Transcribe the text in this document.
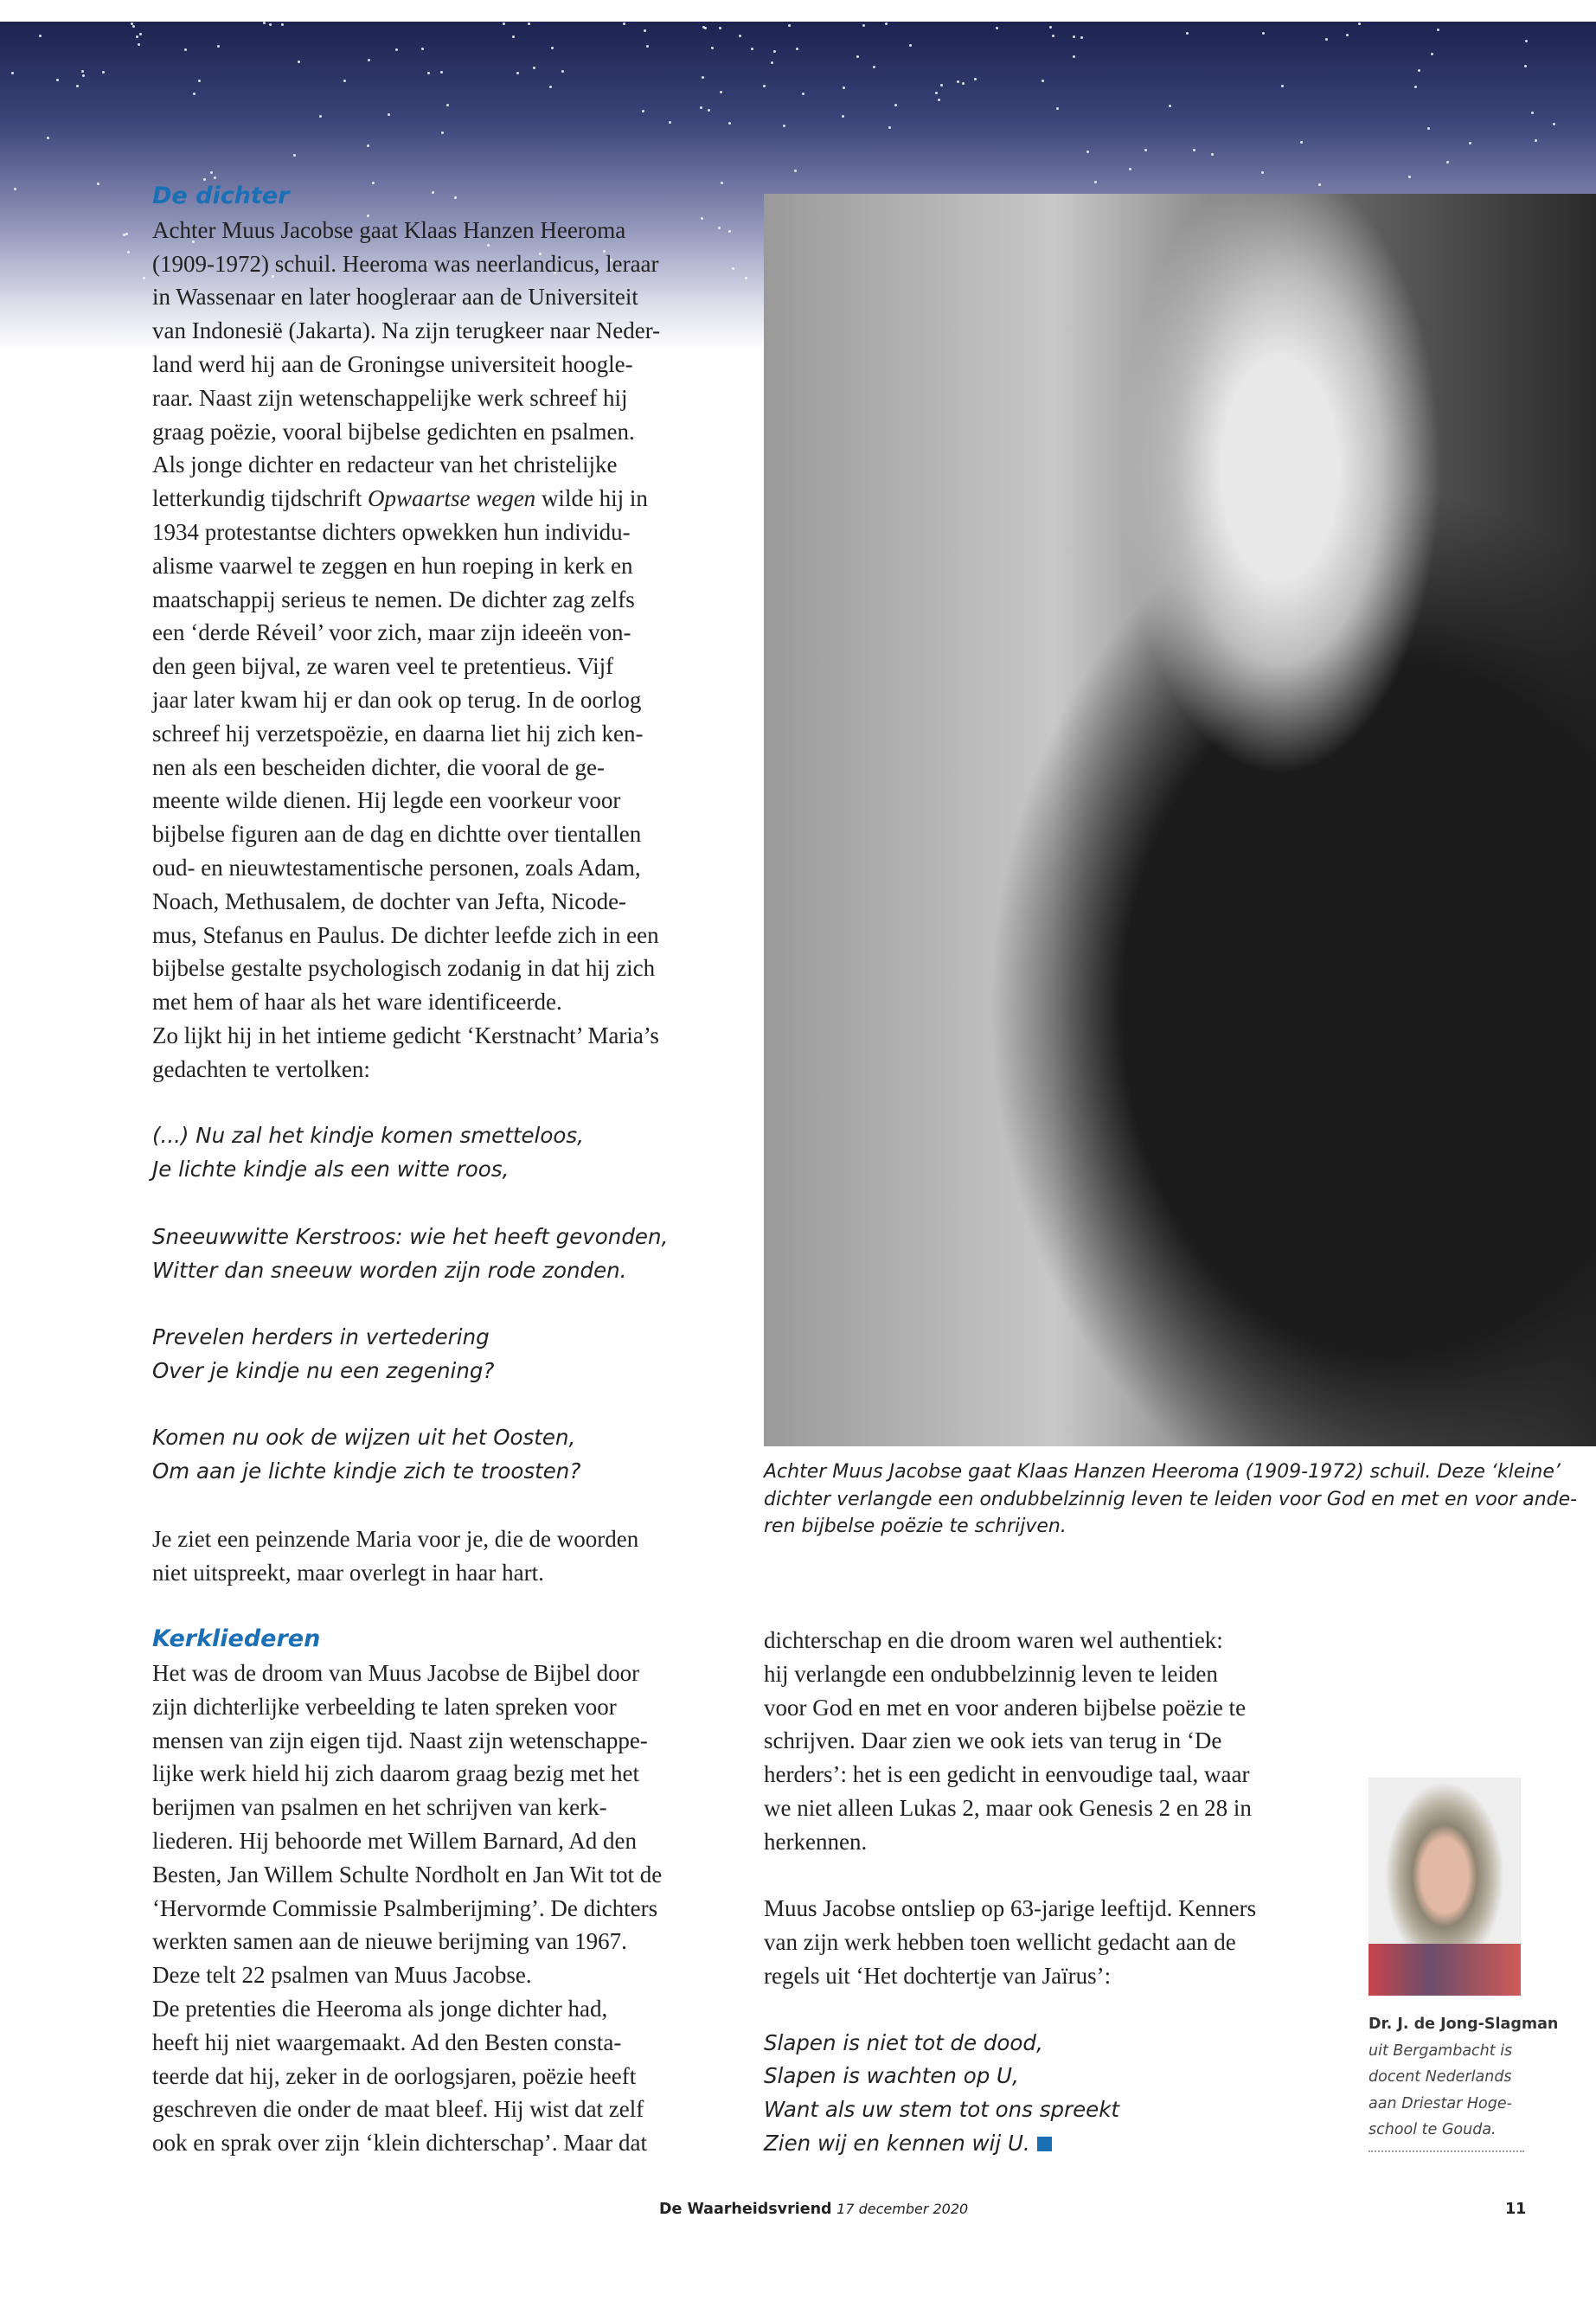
De dichter
Achter Muus Jacobse gaat Klaas Hanzen Heeroma
(1909-1972) schuil. Heeroma was neerlandicus, leraar
in Wassenaar en later hoogleraar aan de Universiteit
van Indonesië (Jakarta). Na zijn terugkeer naar Neder-
land werd hij aan de Groningse universiteit hoogle-
raar. Naast zijn wetenschappelijke werk schreef hij
graag poëzie, vooral bijbelse gedichten en psalmen.
Als jonge dichter en redacteur van het christelijke
letterkundig tijdschrift Opwaartse wegen wilde hij in
1934 protestantse dichters opwekken hun individu-
alisme vaarwel te zeggen en hun roeping in kerk en
maatschappij serieus te nemen. De dichter zag zelfs
een ‘derde Réveil’ voor zich, maar zijn ideeën von-
den geen bijval, ze waren veel te pretentieus. Vijf
jaar later kwam hij er dan ook op terug. In de oorlog
schreef hij verzetspoëzie, en daarna liet hij zich ken-
nen als een bescheiden dichter, die vooral de ge-
meente wilde dienen. Hij legde een voorkeur voor
bijbelse figuren aan de dag en dichtte over tientallen
oud- en nieuwtestamentische personen, zoals Adam,
Noach, Methusalem, de dochter van Jefta, Nicode-
mus, Stefanus en Paulus. De dichter leefde zich in een
bijbelse gestalte psychologisch zodanig in dat hij zich
met hem of haar als het ware identificeerde.
Zo lijkt hij in het intieme gedicht ‘Kerstnacht’ Maria’s
gedachten te vertolken:
(...) Nu zal het kindje komen smetteloos,
Je lichte kindje als een witte roos,
Sneeuwwitte Kerstroos: wie het heeft gevonden,
Witter dan sneeuw worden zijn rode zonden.
Prevelen herders in vertedering
Over je kindje nu een zegening?
Komen nu ook de wijzen uit het Oosten,
Om aan je lichte kindje zich te troosten?
Je ziet een peinzende Maria voor je, die de woorden
niet uitspreekt, maar overlegt in haar hart.
Kerkliederen
Het was de droom van Muus Jacobse de Bijbel door
zijn dichterlijke verbeelding te laten spreken voor
mensen van zijn eigen tijd. Naast zijn wetenschappe-
lijke werk hield hij zich daarom graag bezig met het
berijmen van psalmen en het schrijven van kerk-
liederen. Hij behoorde met Willem Barnard, Ad den
Besten, Jan Willem Schulte Nordholt en Jan Wit tot de
‘Hervormde Commissie Psalmberijming’. De dichters
werkten samen aan de nieuwe berijming van 1967.
Deze telt 22 psalmen van Muus Jacobse.
De pretenties die Heeroma als jonge dichter had,
heeft hij niet waargemaakt. Ad den Besten consta-
teerde dat hij, zeker in de oorlogsjaren, poëzie heeft
geschreven die onder de maat bleef. Hij wist dat zelf
ook en sprak over zijn ‘klein dichterschap’. Maar dat
Achter Muus Jacobse gaat Klaas Hanzen Heeroma (1909-1972) schuil. Deze ‘kleine’
dichter verlangde een ondubbelzinnig leven te leiden voor God en met en voor ande-
ren bijbelse poëzie te schrijven.
dichterschap en die droom waren wel authentiek:
hij verlangde een ondubbelzinnig leven te leiden
voor God en met en voor anderen bijbelse poëzie te
schrijven. Daar zien we ook iets van terug in ‘De
herders’: het is een gedicht in eenvoudige taal, waar
we niet alleen Lukas 2, maar ook Genesis 2 en 28 in
herkennen.
Muus Jacobse ontsliep op 63-jarige leeftijd. Kenners
van zijn werk hebben toen wellicht gedacht aan de
regels uit ‘Het dochtertje van Jaïrus’:
Slapen is niet tot de dood,
Slapen is wachten op U,
Want als uw stem tot ons spreekt
Zien wij en kennen wij U.
Dr. J. de Jong-Slagman
uit Bergambacht is
docent Nederlands
aan Driestar Hoge-
school te Gouda.
De Waarheidsvriend 17 december 2020	11
